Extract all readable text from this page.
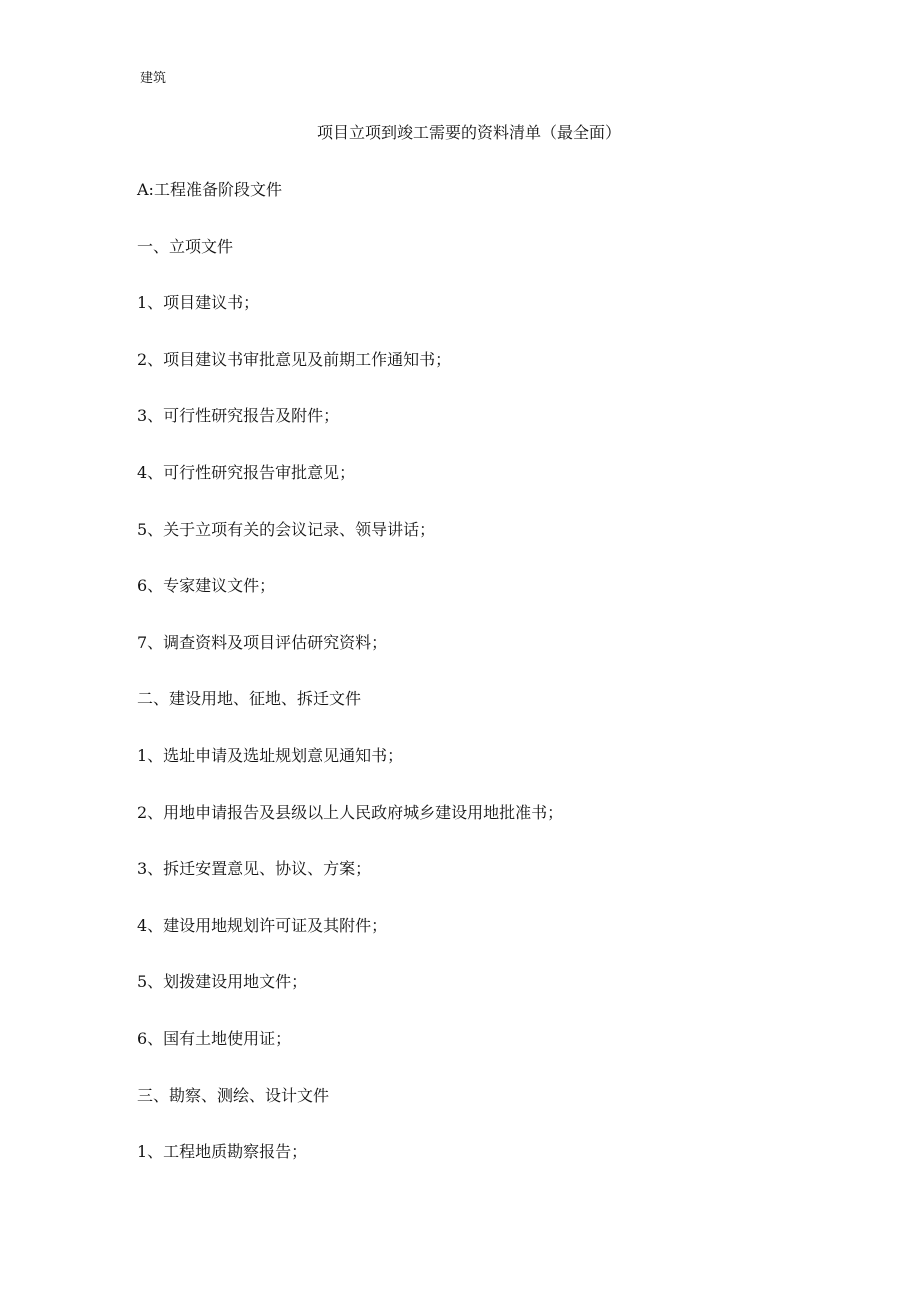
建筑
项目立项到竣工需要的资料清单（最全面）
A:工程准备阶段文件
一、立项文件
1、项目建议书；
2、项目建议书审批意见及前期工作通知书；
3、可行性研究报告及附件；
4、可行性研究报告审批意见；
5、关于立项有关的会议记录、领导讲话；
6、专家建议文件；
7、调查资料及项目评估研究资料；
二、建设用地、征地、拆迁文件
1、选址申请及选址规划意见通知书；
2、用地申请报告及县级以上人民政府城乡建设用地批准书；
3、拆迁安置意见、协议、方案；
4、建设用地规划许可证及其附件；
5、划拨建设用地文件；
6、国有土地使用证；
三、勘察、测绘、设计文件
1、工程地质勘察报告；
